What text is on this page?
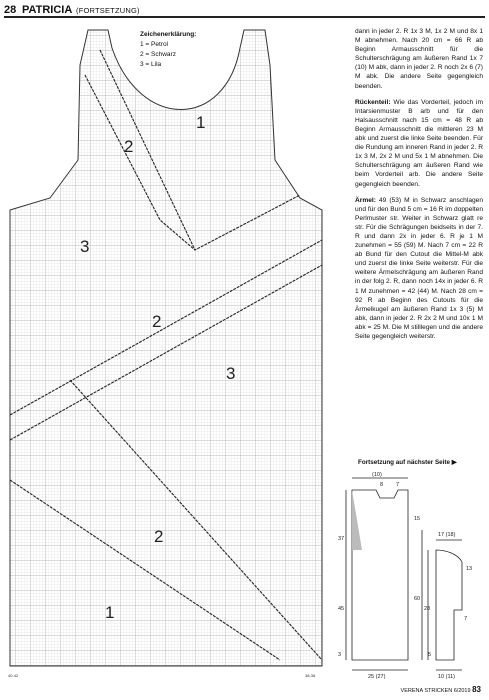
28 PATRICIA (FORTSETZUNG)
1
2
3
2
3
2
1
40-42	38-38
Zeichenerklärung:
1 = Petrol
2 = Schwarz
3 = Lila

dann in jeder 2. R 1x 3 M, 1x 2 M und 8x 1 M abnehmen. Nach 20 cm = 66 R ab Beginn Armausschnitt für die Schulterschrägung am äußeren Rand 1x 7 (10) M abk, dann in jeder 2. R noch 2x 6 (7) M abk. Die andere Seite gegengleich beenden.

Rückenteil: Wie das Vorderteil, jedoch im Intarsienmuster B arb und für den Halsausschnitt nach 15 cm = 48 R ab Beginn Armausschnitt die mittleren 23 M abk und zuerst die linke Seite beenden. Für die Rundung am inneren Rand in jeder 2. R 1x 3 M, 2x 2 M und 5x 1 M abnehmen. Die Schulterschrägung am äußeren Rand wie beim Vorderteil arb. Die andere Seite gegengleich beenden.

Ärmel: 49 (53) M in Schwarz anschlagen und für den Bund 5 cm = 16 R im doppelten Perlmuster str. Weiter in Schwarz glatt re str. Für die Schrägungen beidseits in der 7. R und dann 2x in jeder 6. R je 1 M zunehmen = 55 (59) M. Nach 7 cm = 22 R ab Bund für den Cutout die Mittel-M abk und zuerst die linke Seite weiterstr. Für die weitere Ärmelschrägung am äußeren Rand in der folg 2. R, dann noch 14x in jeder 6. R 1 M zunehmen = 42 (44) M. Nach 28 cm = 92 R ab Beginn des Cutouts für die Ärmelkugel am äußeren Rand 1x 3 (5) M abk, dann in jeder 2. R 2x 2 M und 10x 1 M abk = 25 M. Die M stilllegen und die andere Seite gegengleich weiterstr.

Fortsetzung auf nächster Seite ▶
(10)
8 7
37
45
60
15
3
25 (27)
17 (18)
13
28
7
5
10 (11)
VERENA STRICKEN 6/2019 83
